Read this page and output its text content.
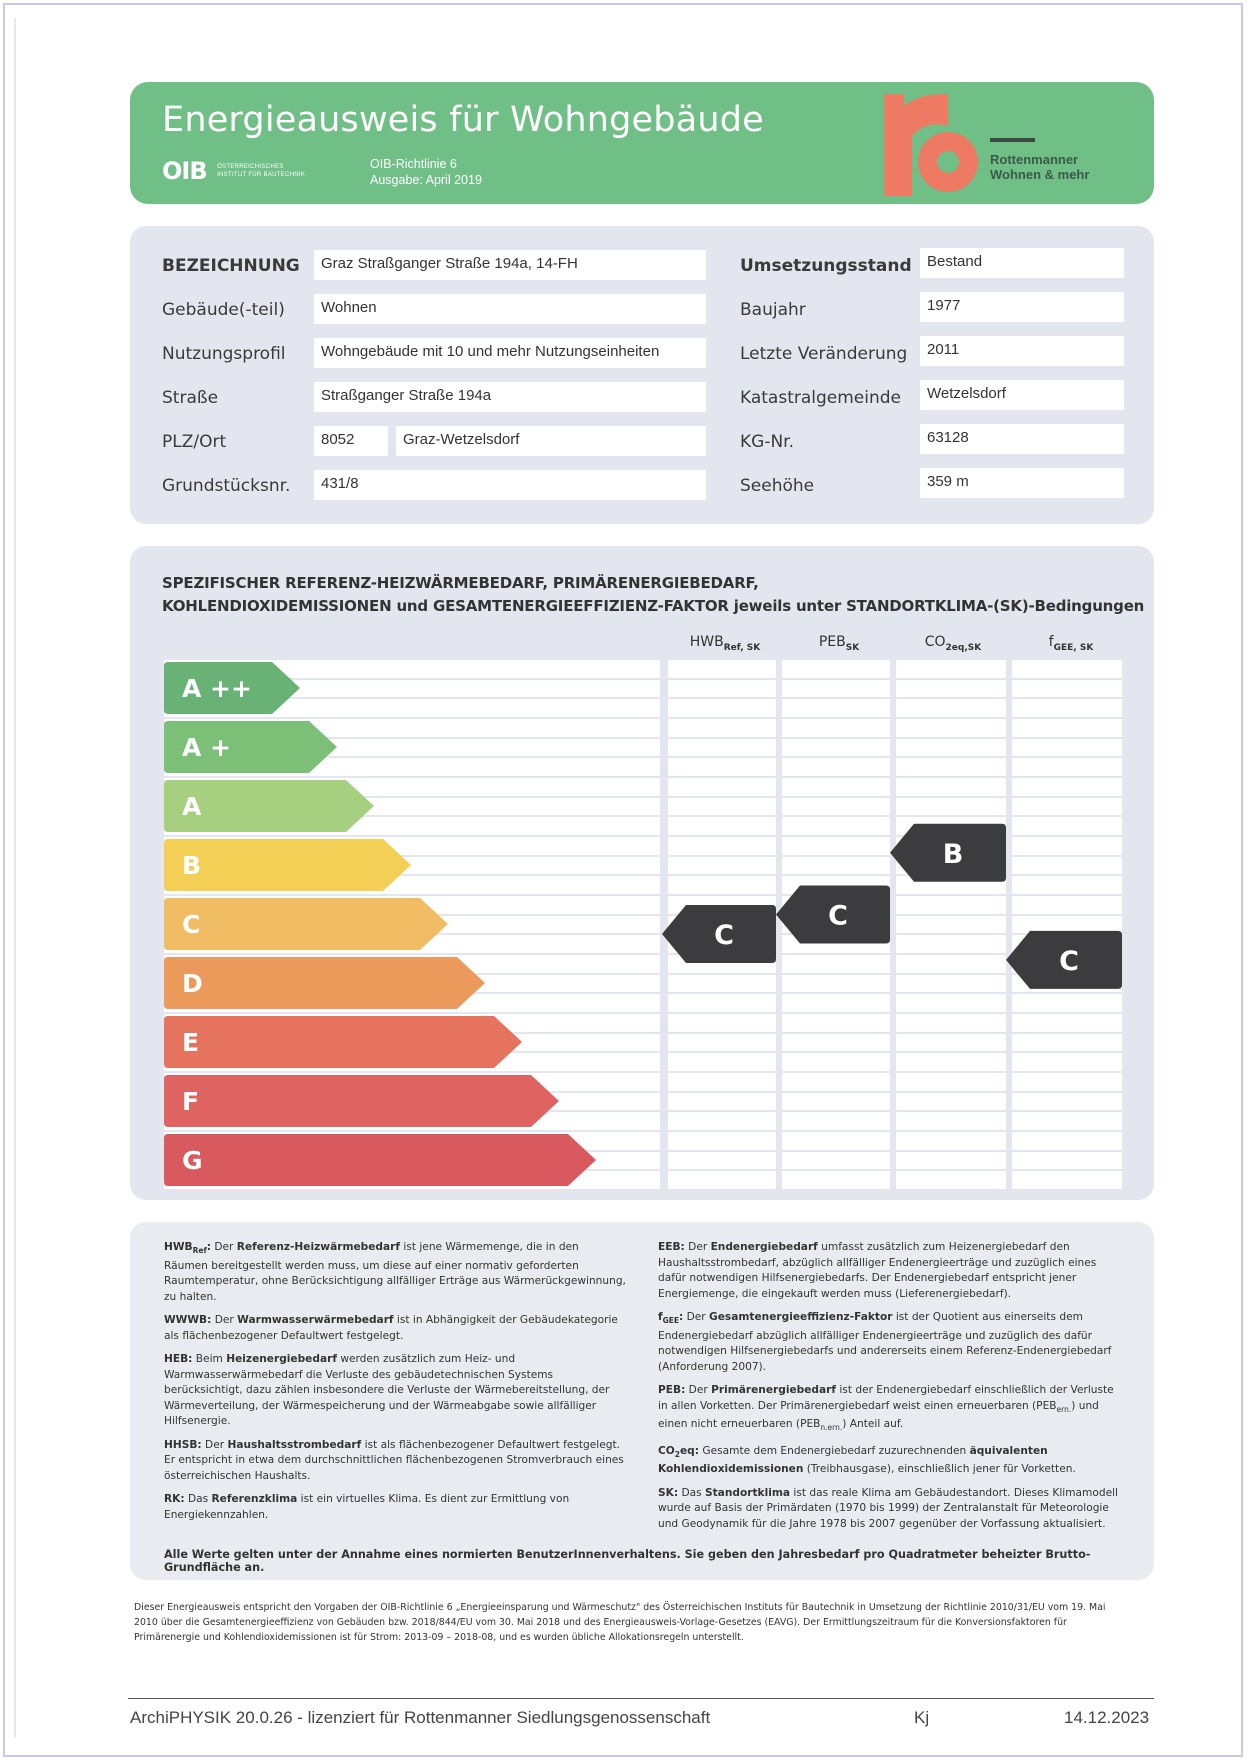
Energieausweis für Wohngebäude
OIB ÖSTERREICHISCHES
INSTITUT FÜR BAUTECHNIK
OIB-Richtlinie 6
Ausgabe: April 2019
Rottenmanner
Wohnen & mehr
BEZEICHNUNG	Graz Straßganger Straße 194a, 14-FH
Gebäude(-teil)	Wohnen
Nutzungsprofil	Wohngebäude mit 10 und mehr Nutzungseinheiten
Straße	Straßganger Straße 194a
PLZ/Ort	8052	Graz-Wetzelsdorf
Grundstücksnr.	431/8
Umsetzungsstand	Bestand
Baujahr	1977
Letzte Veränderung	2011
Katastralgemeinde	Wetzelsdorf
KG-Nr.	63128
Seehöhe	359 m
SPEZIFISCHER REFERENZ-HEIZWÄRMEBEDARF, PRIMÄRENERGIEBEDARF,
KOHLENDIOXIDEMISSIONEN und GESAMTENERGIEEFFIZIENZ-FAKTOR jeweils unter STANDORTKLIMA-(SK)-Bedingungen
$HWB_{Ref, SK}$	$PEB_{SK}$	$CO_{2eq,SK}$	$f_{GEE, SK}$
A ++
A +
A
B
C
D
E
F
G
C
C
B
C

$HWB_{Ref}$: Der Referenz-Heizwärmebedarf ist jene Wärmemenge, die in den Räumen bereitgestellt werden muss, um diese auf einer normativ geforderten Raumtemperatur, ohne Berücksichtigung allfälliger Erträge aus Wärmerückgewinnung, zu halten.

WWWB: Der Warmwasserwärmebedarf ist in Abhängigkeit der Gebäudekategorie als flächenbezogener Defaultwert festgelegt.

HEB: Beim Heizenergiebedarf werden zusätzlich zum Heiz- und Warmwasserwärmebedarf die Verluste des gebäudetechnischen Systems berücksichtigt, dazu zählen insbesondere die Verluste der Wärmebereitstellung, der Wärmeverteilung, der Wärmespeicherung und der Wärmeabgabe sowie allfälliger Hilfsenergie.

HHSB: Der Haushaltsstrombedarf ist als flächenbezogener Defaultwert festgelegt. Er entspricht in etwa dem durchschnittlichen flächenbezogenen Stromverbrauch eines österreichischen Haushalts.

RK: Das Referenzklima ist ein virtuelles Klima. Es dient zur Ermittlung von Energiekennzahlen.

EEB: Der Endenergiebedarf umfasst zusätzlich zum Heizenergiebedarf den Haushaltsstrombedarf, abzüglich allfälliger Endenergieerträge und zuzüglich eines dafür notwendigen Hilfsenergiebedarfs. Der Endenergiebedarf entspricht jener Energiemenge, die eingekauft werden muss (Lieferenergiebedarf).

$f_{GEE}$: Der Gesamtenergieeffizienz-Faktor ist der Quotient aus einerseits dem Endenergiebedarf abzüglich allfälliger Endenergieerträge und zuzüglich des dafür notwendigen Hilfsenergiebedarfs und andererseits einem Referenz-Endenergiebedarf (Anforderung 2007).

PEB: Der Primärenergiebedarf ist der Endenergiebedarf einschließlich der Verluste in allen Vorketten. Der Primärenergiebedarf weist einen erneuerbaren $(PEB_{ern.})$ und einen nicht erneuerbaren $(PEB_{n.ern.})$ Anteil auf.

$CO_2eq$: Gesamte dem Endenergiebedarf zuzurechnenden äquivalenten Kohlendioxidemissionen (Treibhausgase), einschließlich jener für Vorketten.

SK: Das Standortklima ist das reale Klima am Gebäudestandort. Dieses Klimamodell wurde auf Basis der Primärdaten (1970 bis 1999) der Zentralanstalt für Meteorologie und Geodynamik für die Jahre 1978 bis 2007 gegenüber der Vorfassung aktualisiert.

Alle Werte gelten unter der Annahme eines normierten BenutzerInnenverhaltens. Sie geben den Jahresbedarf pro Quadratmeter beheizter Brutto-Grundfläche an.
Dieser Energieausweis entspricht den Vorgaben der OIB-Richtlinie 6 „Energieeinsparung und Wärmeschutz" des Österreichischen Instituts für Bautechnik in Umsetzung der Richtlinie 2010/31/EU vom 19. Mai 2010 über die Gesamtenergieeffizienz von Gebäuden bzw. 2018/844/EU vom 30. Mai 2018 und des Energieausweis-Vorlage-Gesetzes (EAVG). Der Ermittlungszeitraum für die Konversionsfaktoren für Primärenergie und Kohlendioxidemissionen ist für Strom: 2013-09 – 2018-08, und es wurden übliche Allokationsregeln unterstellt.
ArchiPHYSIK 20.0.26 - lizenziert für Rottenmanner Siedlungsgenossenschaft	Kj	14.12.2023
